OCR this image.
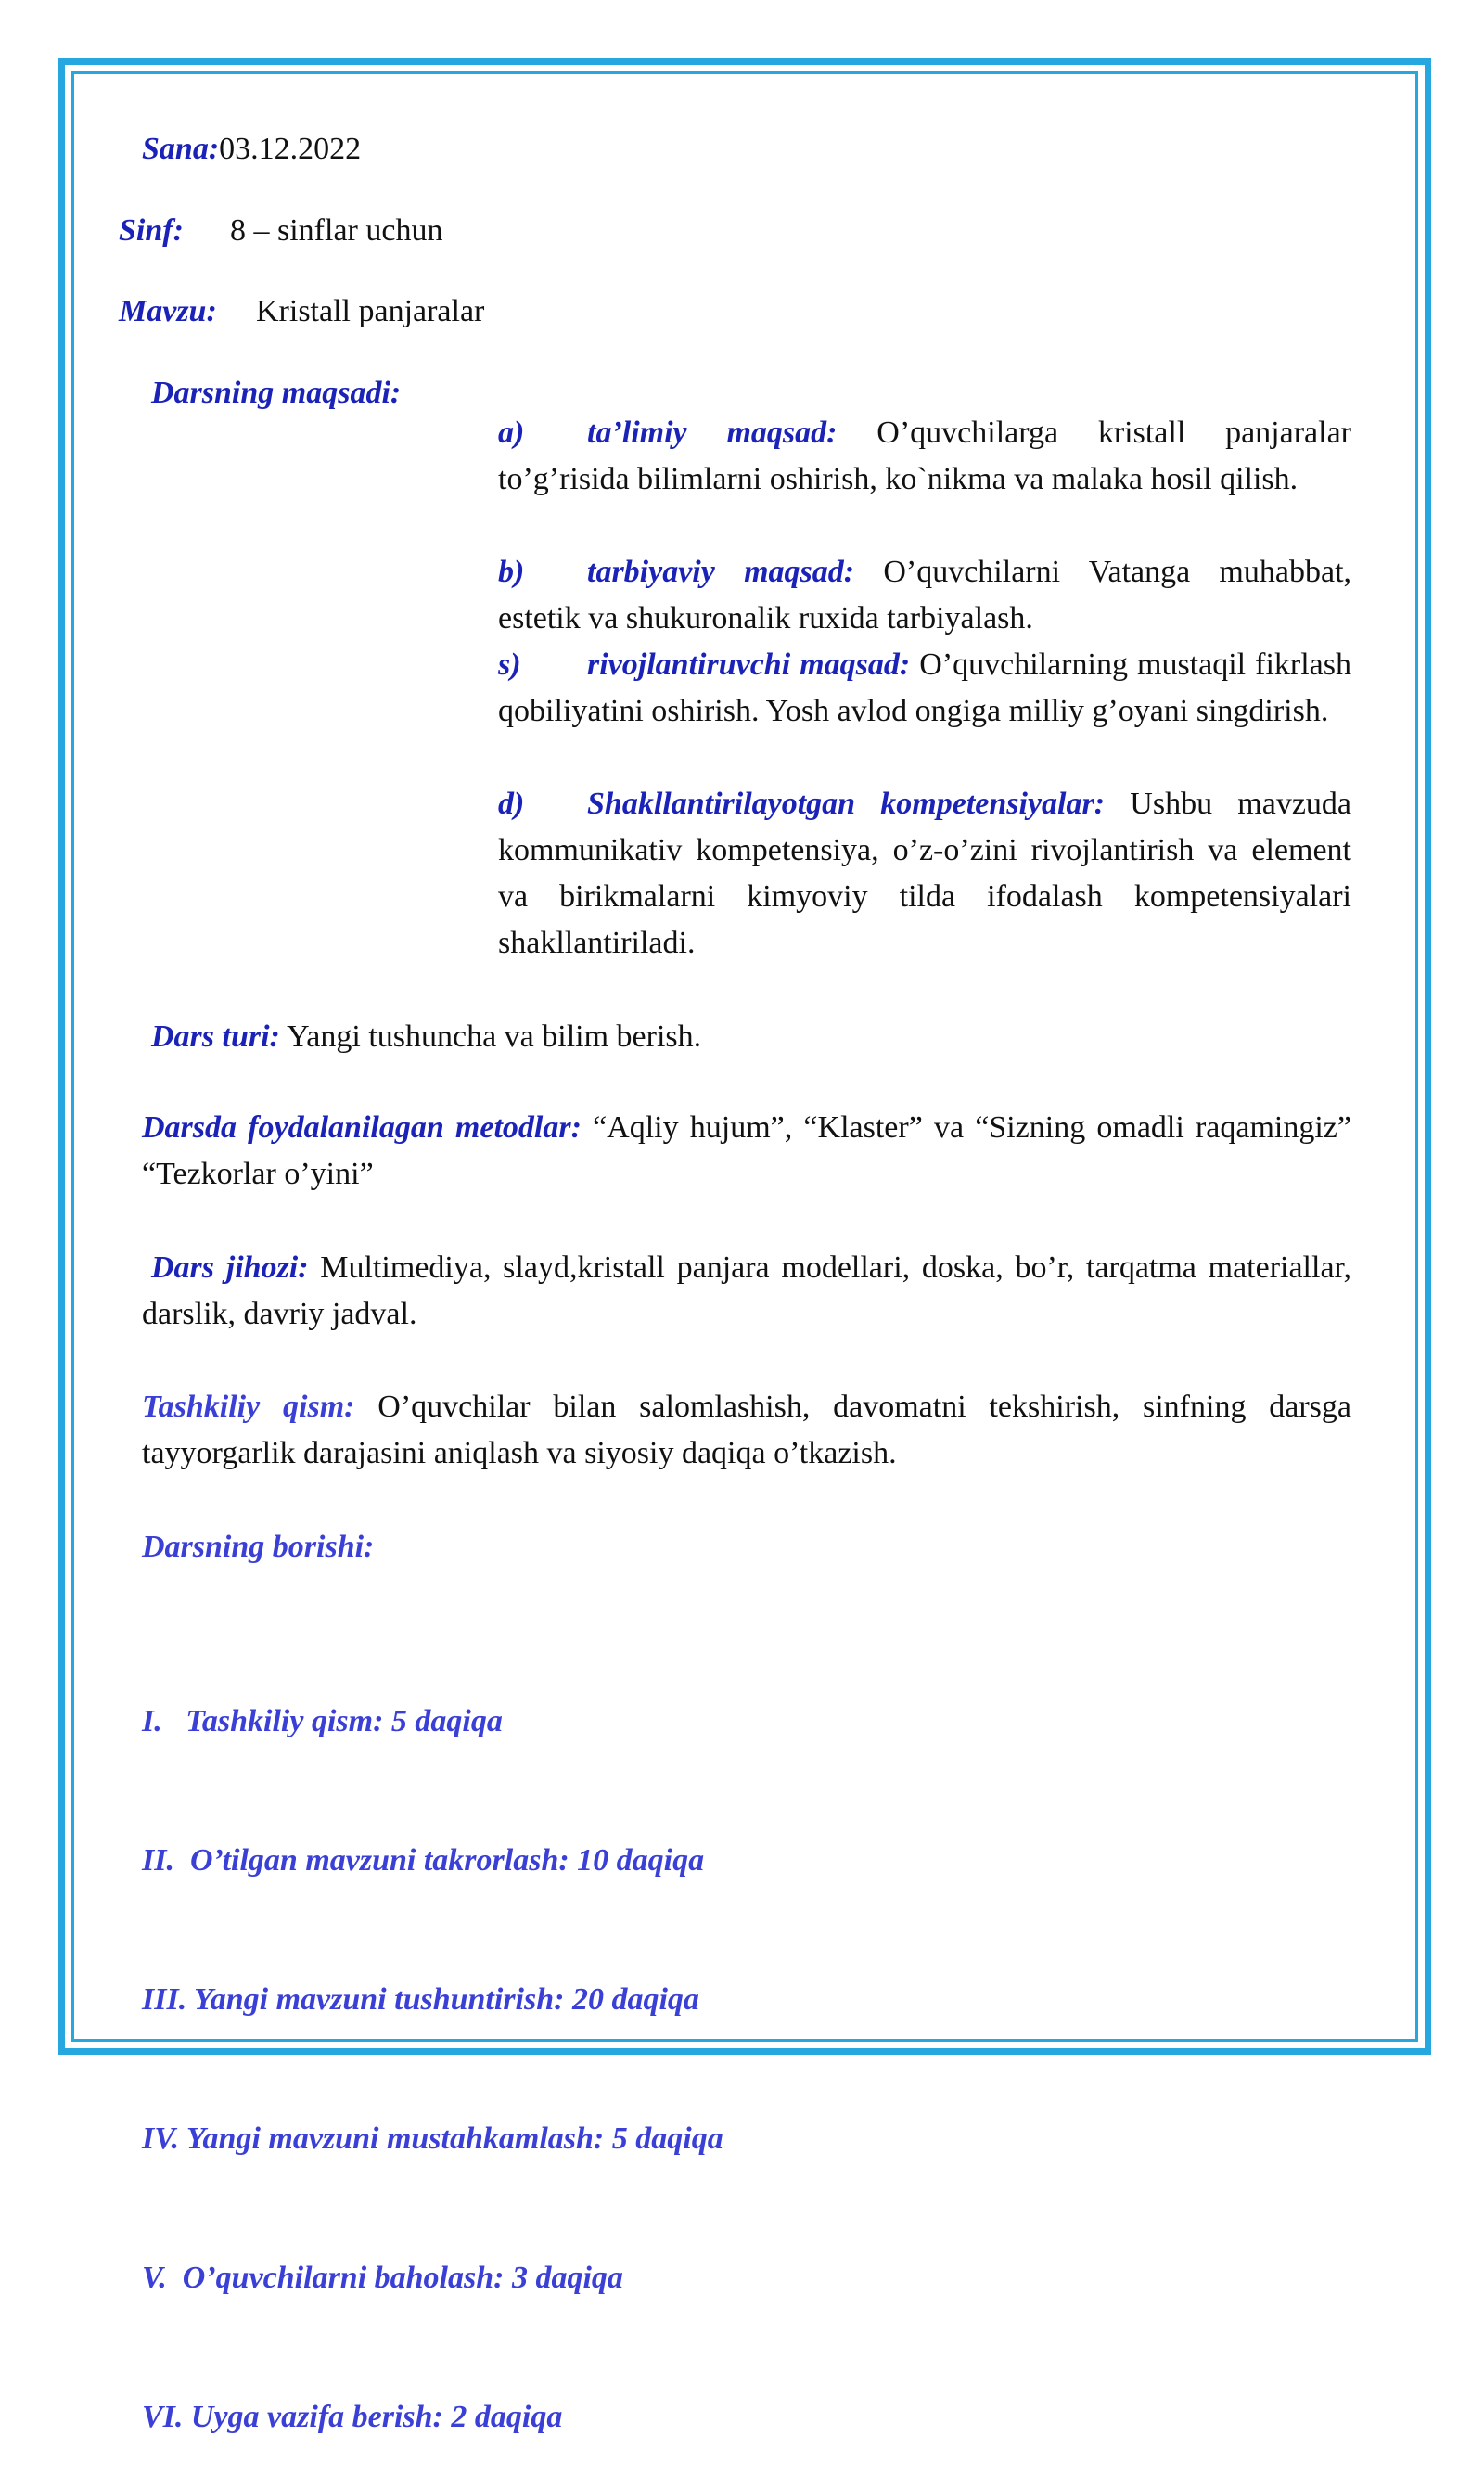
Sana:03.12.2022
Sinf: 8 – sinflar uchun
Mavzu: Kristall panjaralar
Darsning maqsadi:
a) ta’limiy maqsad: O’quvchilarga kristall panjaralar to’g’risida bilimlarni oshirish, ko`nikma va malaka hosil qilish.
b) tarbiyaviy maqsad: O’quvchilarni Vatanga muhabbat, estetik va shukuronalik ruxida tarbiyalash.
s) rivojlantiruvchi maqsad: O’quvchilarning mustaqil fikrlash qobiliyatini oshirish. Yosh avlod ongiga milliy g’oyani singdirish.
d) Shakllantirilayotgan kompetensiyalar: Ushbu mavzuda kommunikativ kompetensiya, o’z-o’zini rivojlantirish va element va birikmalarni kimyoviy tilda ifodalash kompetensiyalari shakllantiriladi.
Dars turi: Yangi tushuncha va bilim berish.
Darsda foydalanilagan metodlar: “Aqliy hujum”, “Klaster” va “Sizning omadli raqamingiz” “Tezkorlar o’yini”
Dars jihozi: Multimediya, slayd,kristall panjara modellari, doska, bo’r, tarqatma materiallar, darslik, davriy jadval.
Tashkiliy qism: O’quvchilar bilan salomlashish, davomatni tekshirish, sinfning darsga tayyorgarlik darajasini aniqlash va siyosiy daqiqa o’tkazish.
Darsning borishi:

I.   Tashkiliy qism: 5 daqiqa

II.  O’tilgan mavzuni takrorlash: 10 daqiqa

III. Yangi mavzuni tushuntirish: 20 daqiqa

IV. Yangi mavzuni mustahkamlash: 5 daqiqa

V.  O’quvchilarni baholash: 3 daqiqa

VI. Uyga vazifa berish: 2 daqiqa
